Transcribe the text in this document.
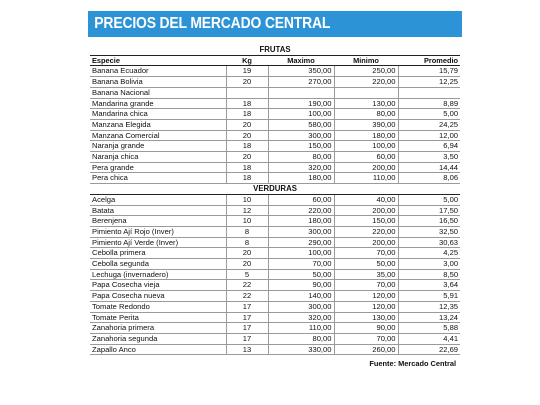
PRECIOS DEL MERCADO CENTRAL
FRUTAS				
Especie	Kg	Maximo	Minimo	Promedio
Banana Ecuador	19	350,00	250,00	15,79
Banana Bolivia	20	270,00	220,00	12,25
Banana Nacional				
Mandarina grande	18	190,00	130,00	8,89
Mandarina chica	18	100,00	80,00	5,00
Manzana Elegida	20	580,00	390,00	24,25
Manzana Comercial	20	300,00	180,00	12,00
Naranja grande	18	150,00	100,00	6,94
Naranja chica	20	80,00	60,00	3,50
Pera grande	18	320,00	200,00	14,44
Pera chica	18	180,00	110,00	8,06
VERDURAS				
Acelga	10	60,00	40,00	5,00
Batata	12	220,00	200,00	17,50
Berenjena	10	180,00	150,00	16,50
Pimiento Ají Rojo (Inver)	8	300,00	220,00	32,50
Pimiento Ají Verde (Inver)	8	290,00	200,00	30,63
Cebolla primera	20	100,00	70,00	4,25
Cebolla segunda	20	70,00	50,00	3,00
Lechuga (invernadero)	5	50,00	35,00	8,50
Papa Cosecha vieja	22	90,00	70,00	3,64
Papa Cosecha nueva	22	140,00	120,00	5,91
Tomate Redondo	17	300,00	120,00	12,35
Tomate Perita	17	320,00	130,00	13,24
Zanahoria primera	17	110,00	90,00	5,88
Zanahoria segunda	17	80,00	70,00	4,41
Zapallo Anco	13	330,00	260,00	22,69
Fuente: Mercado Central
